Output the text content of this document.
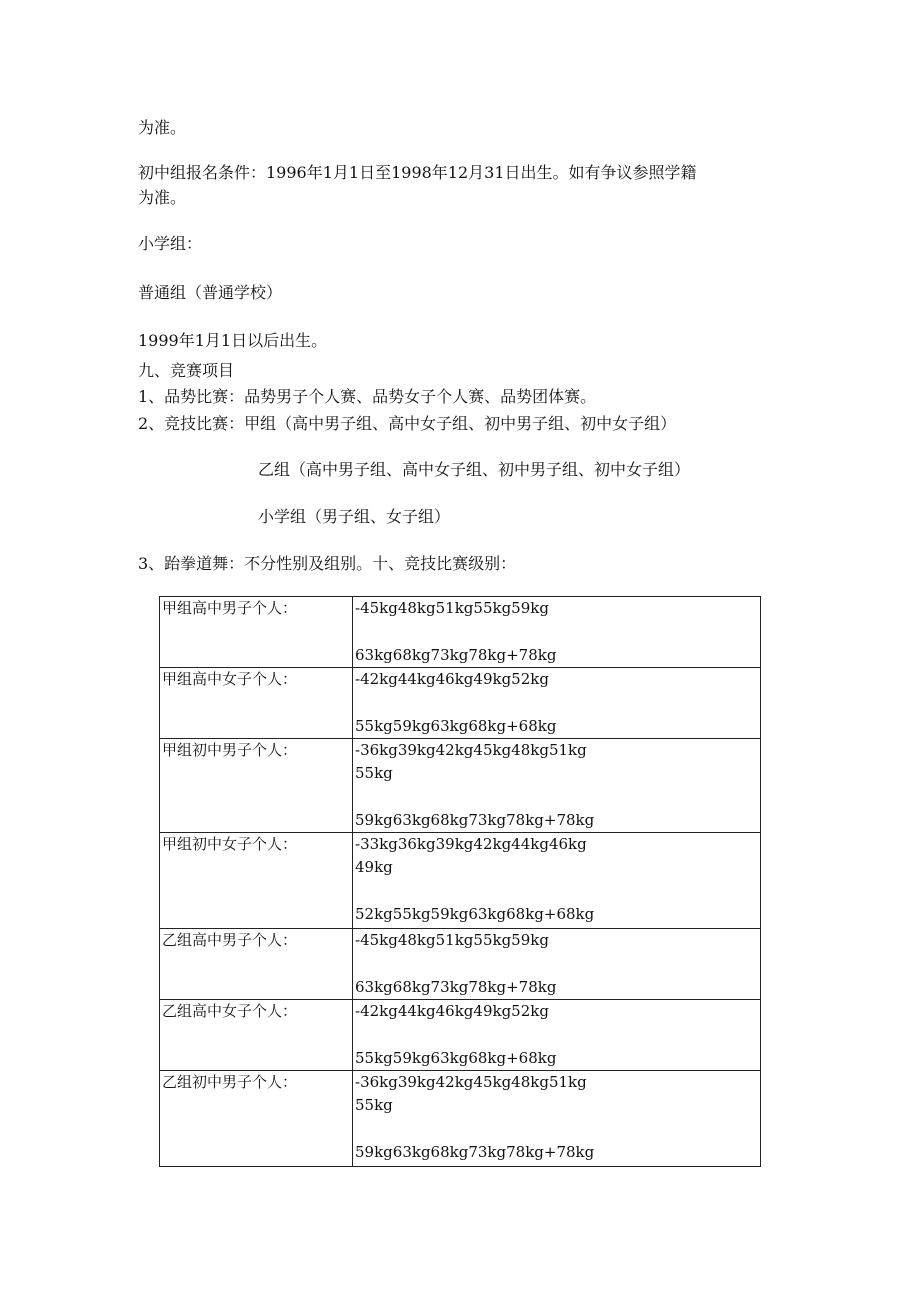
为准。

初中组报名条件：1996年1月1日至1998年12月31日出生。如有争议参照学籍

为准。

小学组：

普通组（普通学校）

1999年1月1日以后出生。

九、竞赛项目

1、品势比赛：品势男子个人赛、品势女子个人赛、品势团体赛。

2、竞技比赛：甲组（高中男子组、高中女子组、初中男子组、初中女子组）

乙组（高中男子组、高中女子组、初中男子组、初中女子组）

小学组（男子组、女子组）

3、跆拳道舞：不分性别及组别。十、竞技比赛级别：

甲组高中男子个人：	-45kg48kg51kg55kg59kg
63kg68kg73kg78kg+78kg

甲组高中女子个人：	-42kg44kg46kg49kg52kg
55kg59kg63kg68kg+68kg

甲组初中男子个人：	-36kg39kg42kg45kg48kg51kg
55kg
59kg63kg68kg73kg78kg+78kg

甲组初中女子个人：	-33kg36kg39kg42kg44kg46kg
49kg
52kg55kg59kg63kg68kg+68kg

乙组高中男子个人：	-45kg48kg51kg55kg59kg
63kg68kg73kg78kg+78kg

乙组高中女子个人：	-42kg44kg46kg49kg52kg
55kg59kg63kg68kg+68kg

乙组初中男子个人：	-36kg39kg42kg45kg48kg51kg
55kg
59kg63kg68kg73kg78kg+78kg
